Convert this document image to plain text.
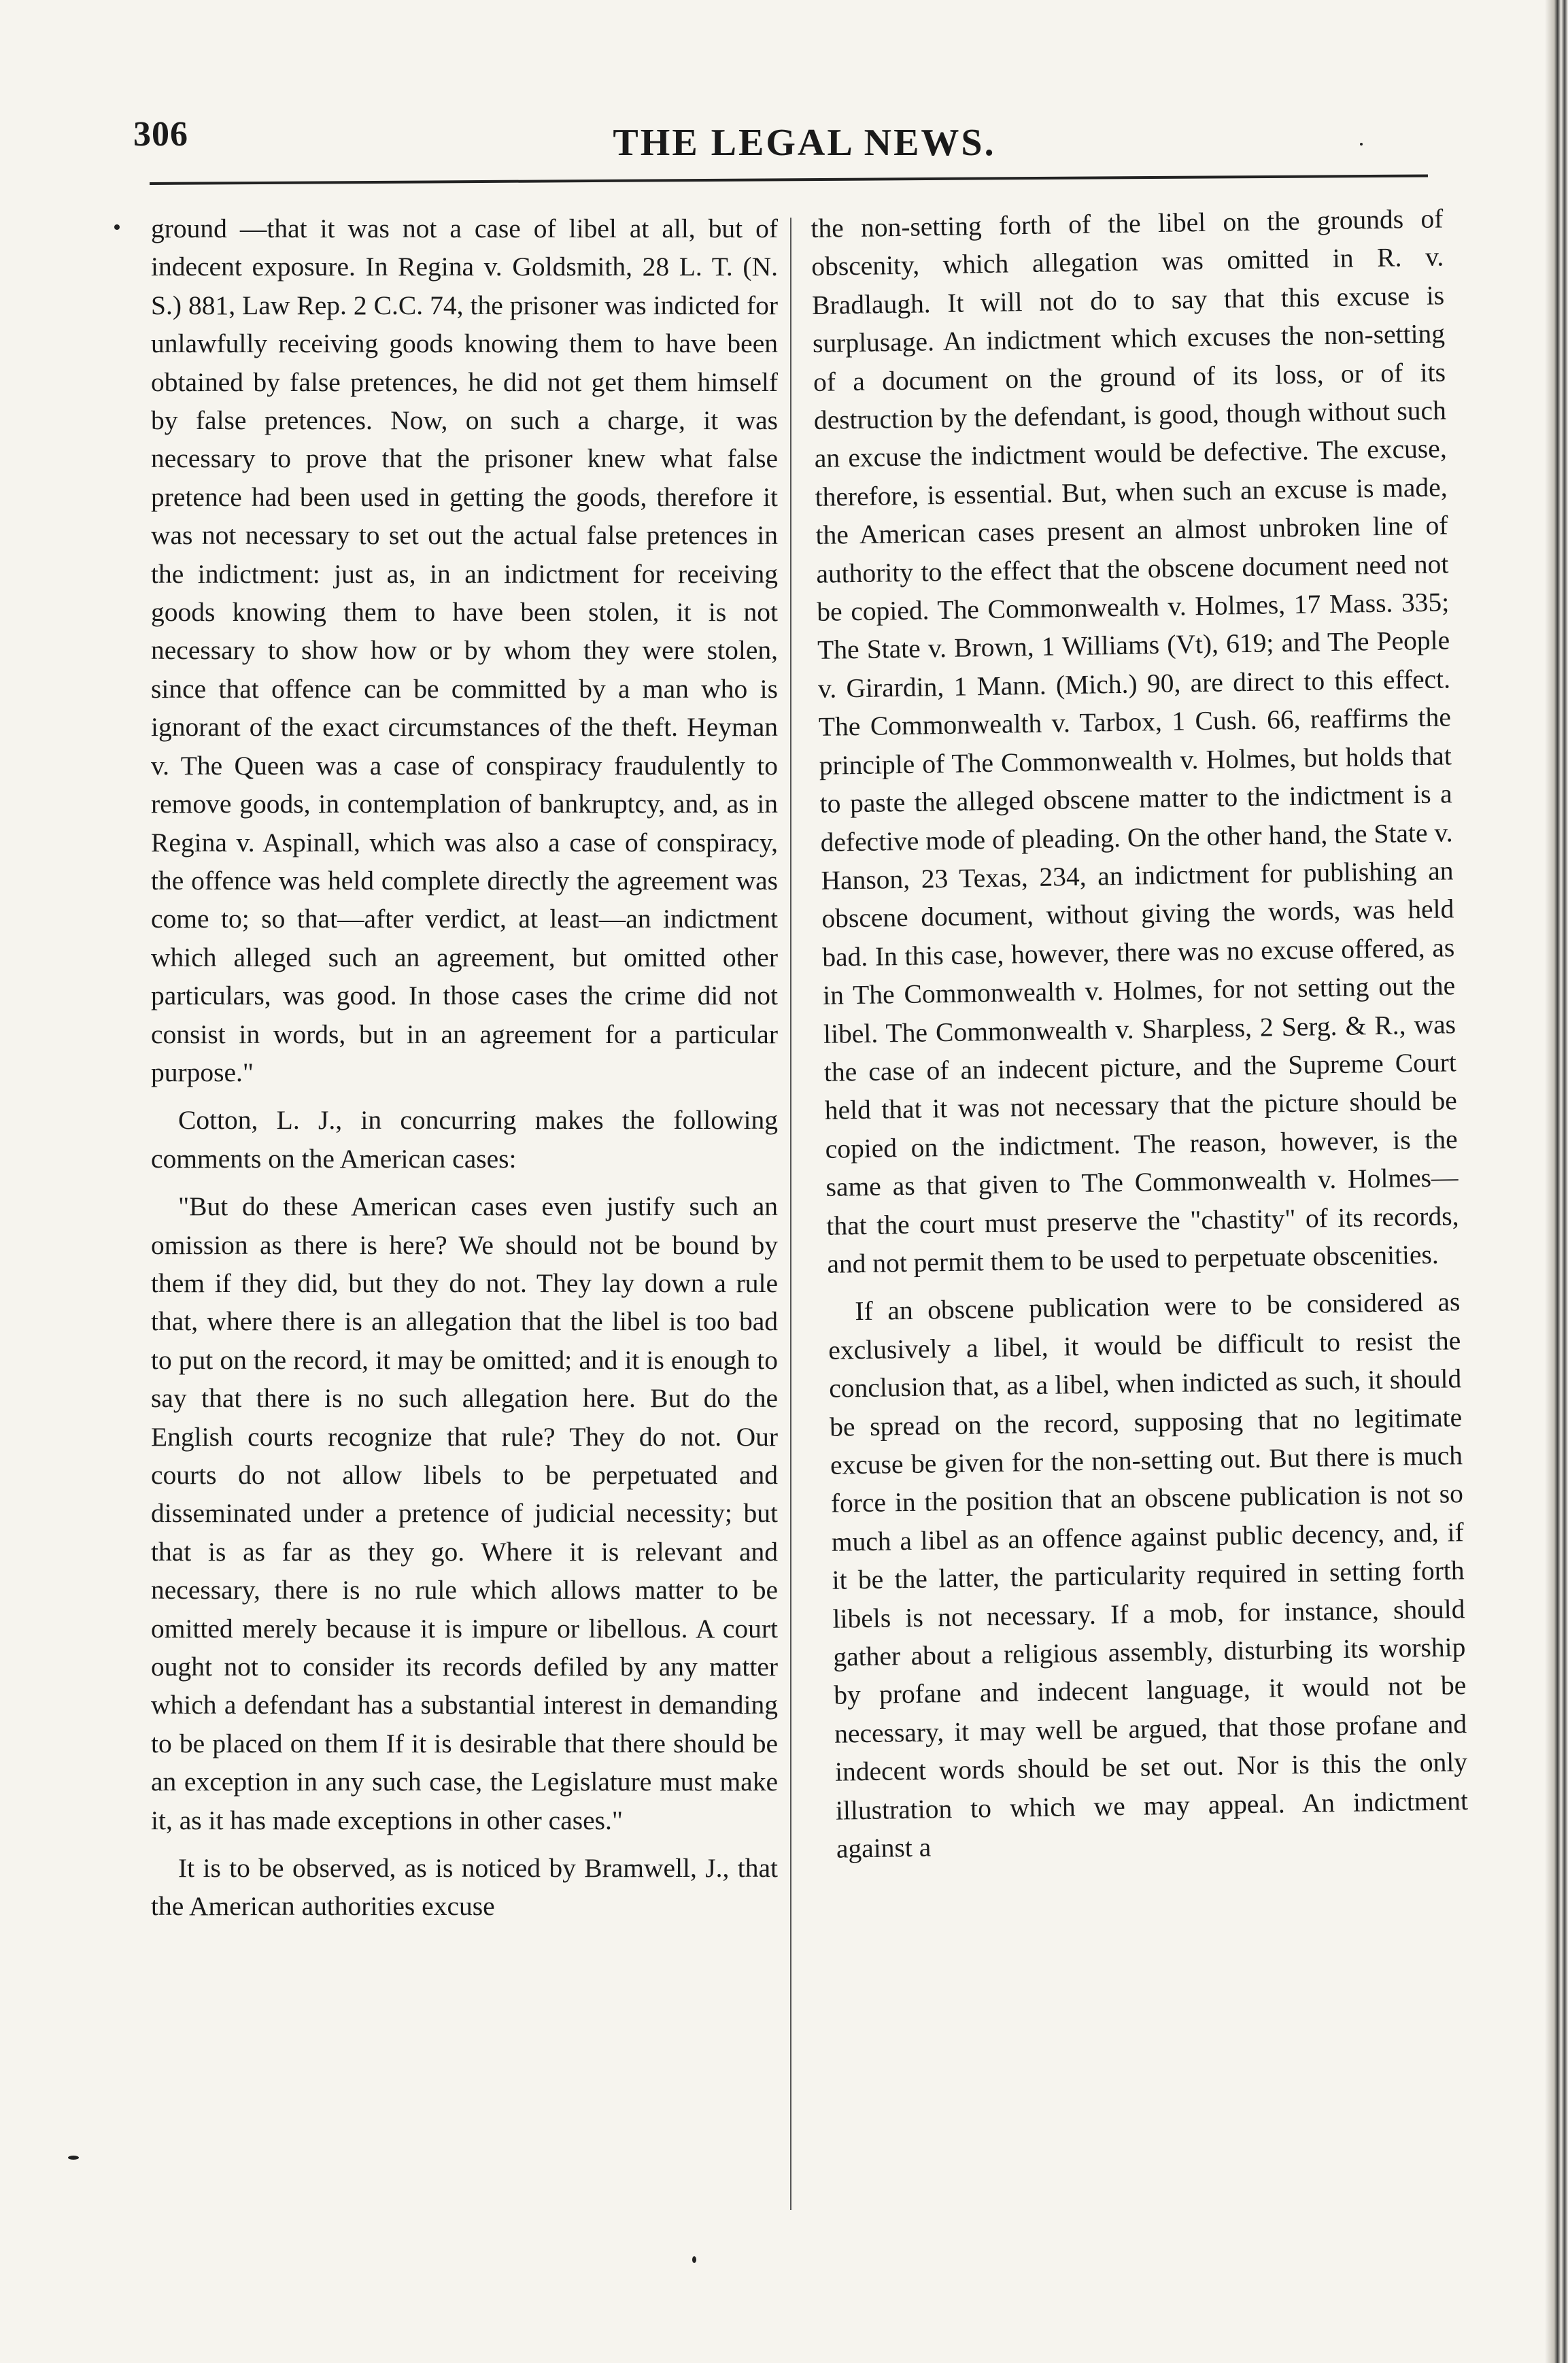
306	THE LEGAL NEWS.

ground —that it was not a case of libel at all, but of indecent exposure. In Regina v. Goldsmith, 28 L. T. (N. S.) 881, Law Rep. 2 C.C. 74, the prisoner was indicted for unlawfully receiving goods knowing them to have been obtained by false pretences, he did not get them himself by false pretences. Now, on such a charge, it was necessary to prove that the prisoner knew what false pretence had been used in getting the goods, therefore it was not necessary to set out the actual false pretences in the indictment: just as, in an indictment for receiving goods knowing them to have been stolen, it is not necessary to show how or by whom they were stolen, since that offence can be committed by a man who is ignorant of the exact circumstances of the theft. Heyman v. The Queen was a case of conspiracy fraudulently to remove goods, in contemplation of bankruptcy, and, as in Regina v. Aspinall, which was also a case of conspiracy, the offence was held complete directly the agreement was come to; so that—after verdict, at least—an indictment which alleged such an agreement, but omitted other particulars, was good. In those cases the crime did not consist in words, but in an agreement for a particular purpose."

Cotton, L. J., in concurring makes the following comments on the American cases:

"But do these American cases even justify such an omission as there is here? We should not be bound by them if they did, but they do not. They lay down a rule that, where there is an allegation that the libel is too bad to put on the record, it may be omitted; and it is enough to say that there is no such allegation here. But do the English courts recognize that rule? They do not. Our courts do not allow libels to be perpetuated and disseminated under a pretence of judicial necessity; but that is as far as they go. Where it is relevant and necessary, there is no rule which allows matter to be omitted merely because it is impure or libellous. A court ought not to consider its records defiled by any matter which a defendant has a substantial interest in demanding to be placed on them If it is desirable that there should be an exception in any such case, the Legislature must make it, as it has made exceptions in other cases."

It is to be observed, as is noticed by Bramwell, J., that the American authorities excuse

the non-setting forth of the libel on the grounds of obscenity, which allegation was omitted in R. v. Bradlaugh. It will not do to say that this excuse is surplusage. An indictment which excuses the non-setting of a document on the ground of its loss, or of its destruction by the defendant, is good, though without such an excuse the indictment would be defective. The excuse, therefore, is essential. But, when such an excuse is made, the American cases present an almost unbroken line of authority to the effect that the obscene document need not be copied. The Commonwealth v. Holmes, 17 Mass. 335; The State v. Brown, 1 Williams (Vt), 619; and The People v. Girardin, 1 Mann. (Mich.) 90, are direct to this effect. The Commonwealth v. Tarbox, 1 Cush. 66, reaffirms the principle of The Commonwealth v. Holmes, but holds that to paste the alleged obscene matter to the indictment is a defective mode of pleading. On the other hand, the State v. Hanson, 23 Texas, 234, an indictment for publishing an obscene document, without giving the words, was held bad. In this case, however, there was no excuse offered, as in The Commonwealth v. Holmes, for not setting out the libel. The Commonwealth v. Sharpless, 2 Serg. & R., was the case of an indecent picture, and the Supreme Court held that it was not necessary that the picture should be copied on the indictment. The reason, however, is the same as that given to The Commonwealth v. Holmes—that the court must preserve the "chastity" of its records, and not permit them to be used to perpetuate obscenities.

If an obscene publication were to be considered as exclusively a libel, it would be difficult to resist the conclusion that, as a libel, when indicted as such, it should be spread on the record, supposing that no legitimate excuse be given for the non-setting out. But there is much force in the position that an obscene publication is not so much a libel as an offence against public decency, and, if it be the latter, the particularity required in setting forth libels is not necessary. If a mob, for instance, should gather about a religious assembly, disturbing its worship by profane and indecent language, it would not be necessary, it may well be argued, that those profane and indecent words should be set out. Nor is this the only illustration to which we may appeal. An indictment against a
